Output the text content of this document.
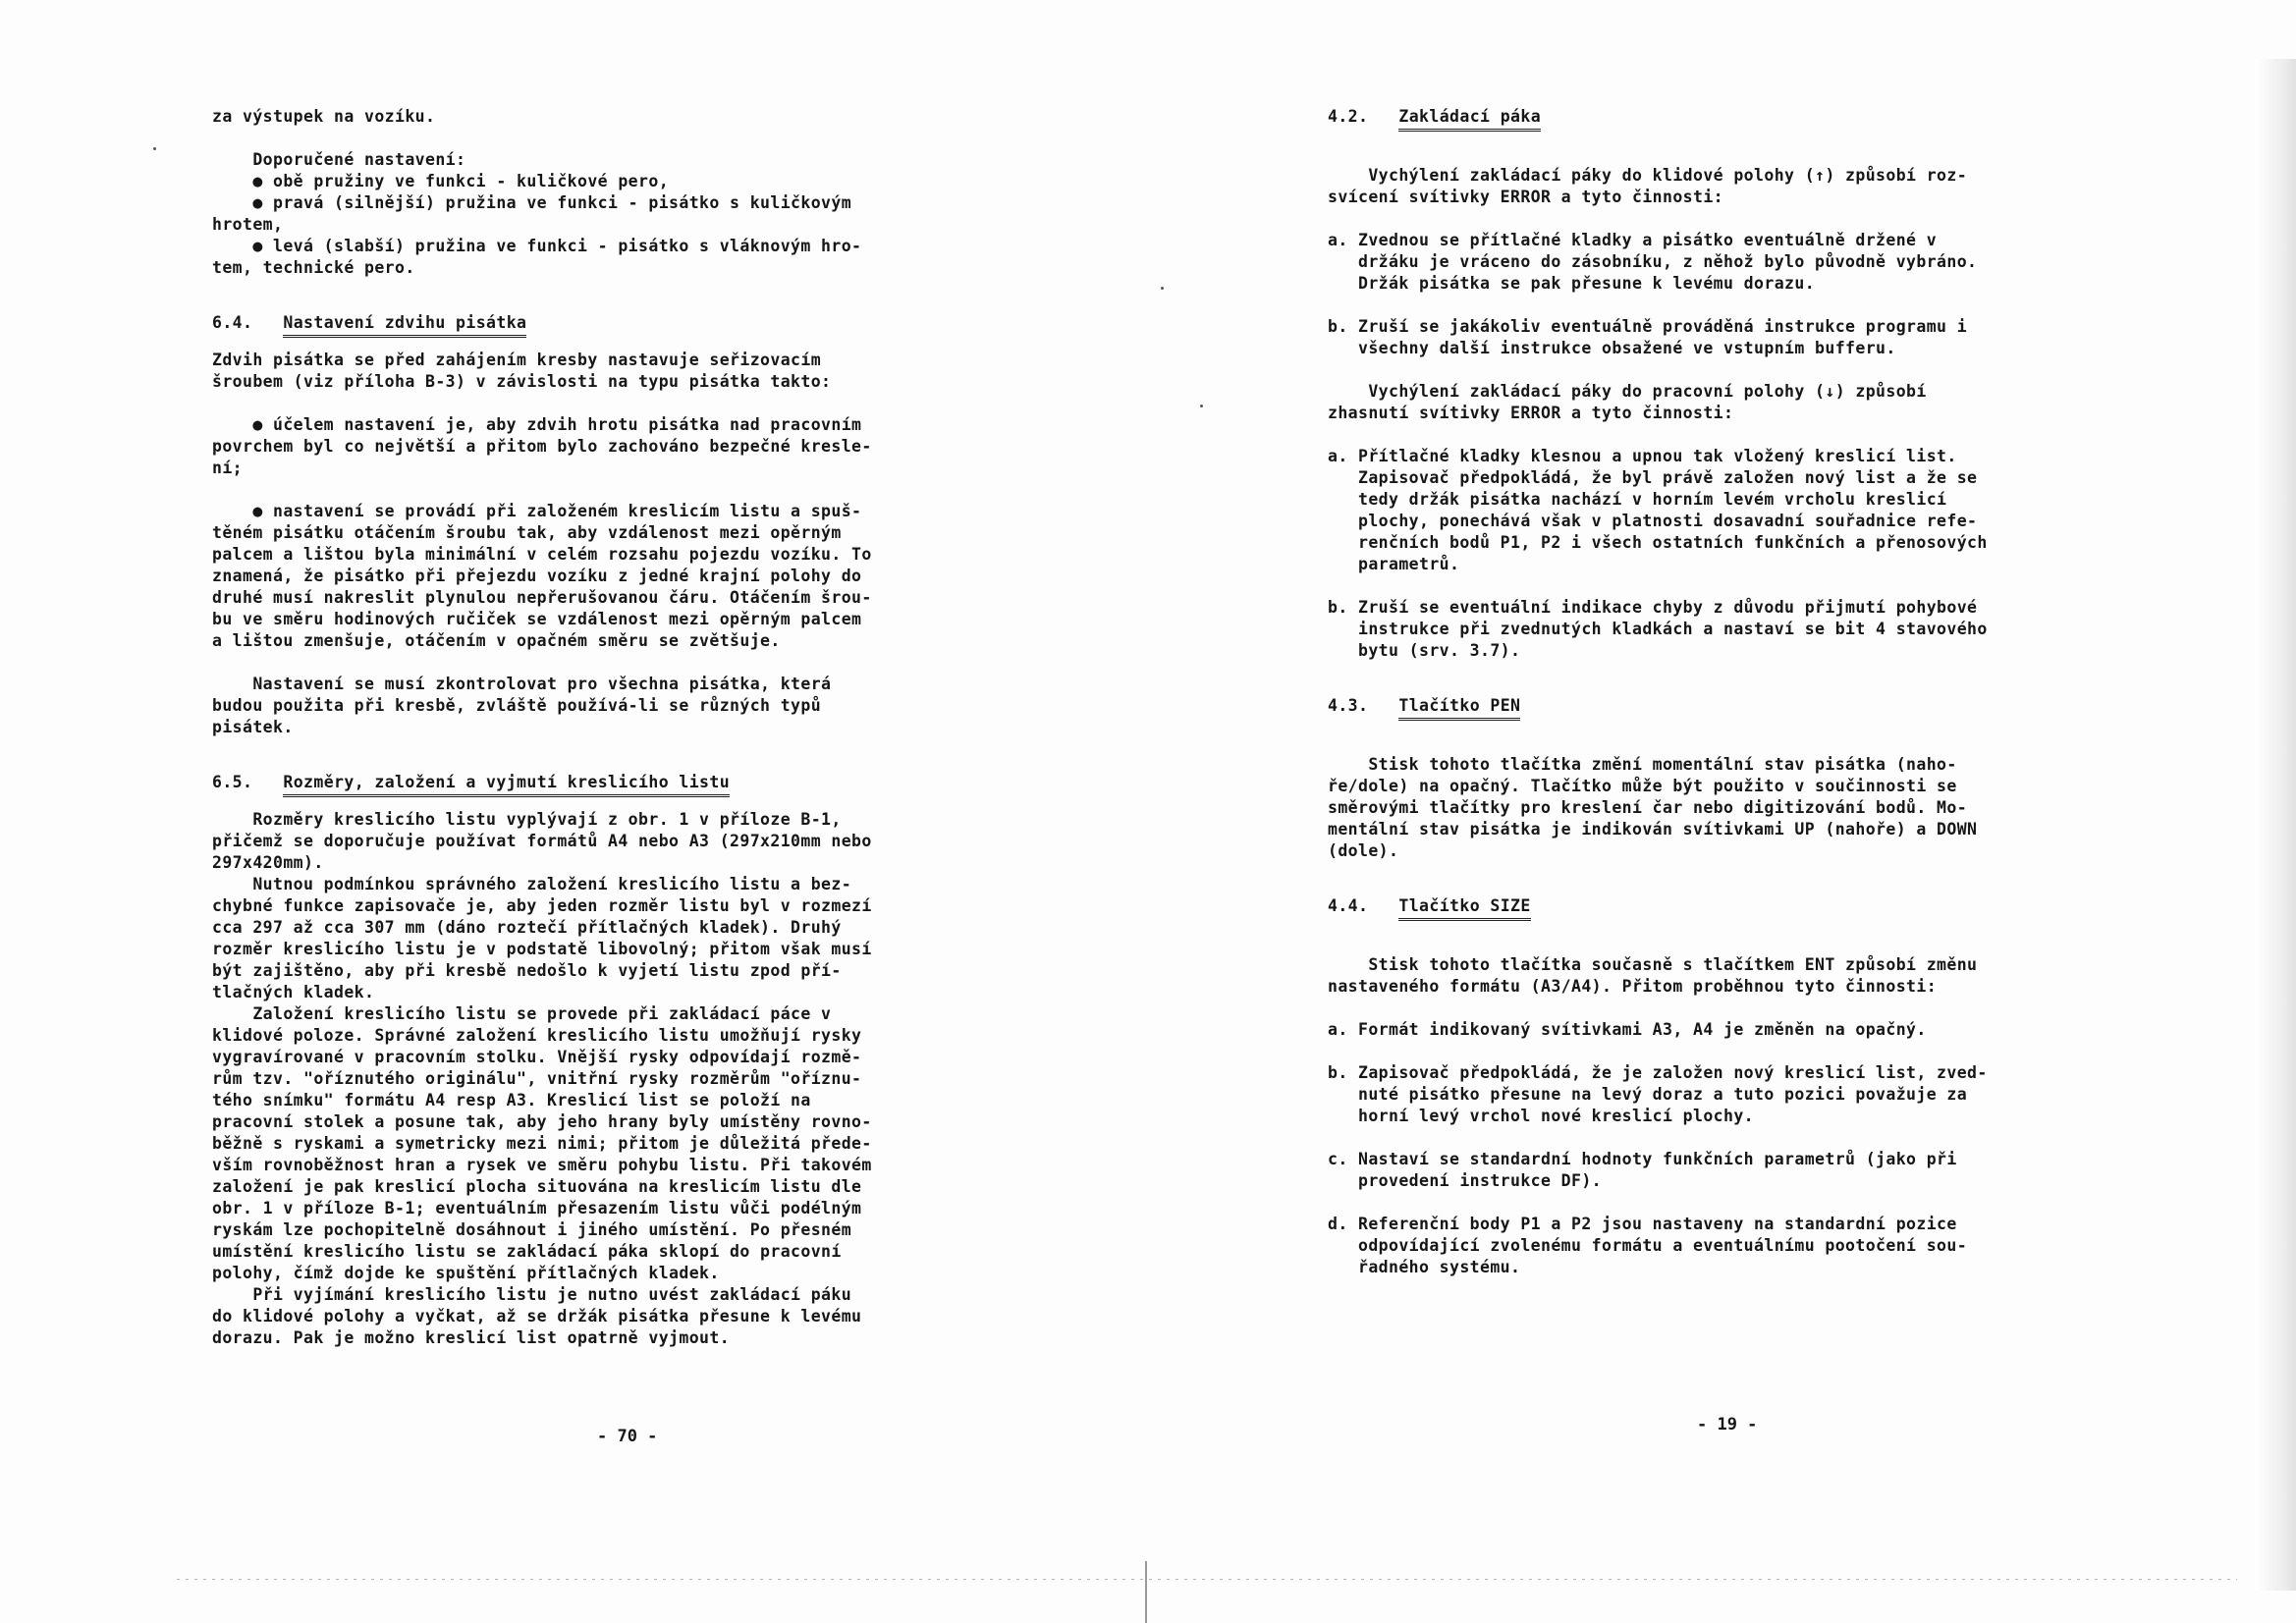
za výstupek na vozíku.

Doporučené nastavení:

● obě pružiny ve funkci - kuličkové pero,

● pravá (silnější) pružina ve funkci - pisátko s kuličkovým

hrotem,

● levá (slabší) pružina ve funkci - pisátko s vláknovým hro-

tem, technické pero.

6.4. Nastavení zdvihu pisátka

Zdvih pisátka se před zahájením kresby nastavuje seřizovacím

šroubem (viz příloha B-3) v závislosti na typu pisátka takto:

● účelem nastavení je, aby zdvih hrotu pisátka nad pracovním

povrchem byl co největší a přitom bylo zachováno bezpečné kresle-

ní;

● nastavení se provádí při založeném kreslicím listu a spuš-

těném pisátku otáčením šroubu tak, aby vzdálenost mezi opěrným

palcem a lištou byla minimální v celém rozsahu pojezdu vozíku. To

znamená, že pisátko při přejezdu vozíku z jedné krajní polohy do

druhé musí nakreslit plynulou nepřerušovanou čáru. Otáčením šrou-

bu ve směru hodinových ručiček se vzdálenost mezi opěrným palcem

a lištou zmenšuje, otáčením v opačném směru se zvětšuje.

Nastavení se musí zkontrolovat pro všechna pisátka, která

budou použita při kresbě, zvláště používá-li se různých typů

pisátek.

6.5. Rozměry, založení a vyjmutí kreslicího listu

Rozměry kreslicího listu vyplývají z obr. 1 v příloze B-1,

přičemž se doporučuje používat formátů A4 nebo A3 (297x210mm nebo

297x420mm).

Nutnou podmínkou správného založení kreslicího listu a bez-

chybné funkce zapisovače je, aby jeden rozměr listu byl v rozmezí

cca 297 až cca 307 mm (dáno roztečí přítlačných kladek). Druhý

rozměr kreslicího listu je v podstatě libovolný; přitom však musí

být zajištěno, aby při kresbě nedošlo k vyjetí listu zpod pří-

tlačných kladek.

Založení kreslicího listu se provede při zakládací páce v

klidové poloze. Správné založení kreslicího listu umožňují rysky

vygravírované v pracovním stolku. Vnější rysky odpovídají rozmě-

rům tzv. "oříznutého originálu", vnitřní rysky rozměrům "oříznu-

tého snímku" formátu A4 resp A3. Kreslicí list se položí na

pracovní stolek a posune tak, aby jeho hrany byly umístěny rovno-

běžně s ryskami a symetricky mezi nimi; přitom je důležitá přede-

vším rovnoběžnost hran a rysek ve směru pohybu listu. Při takovém

založení je pak kreslicí plocha situována na kreslicím listu dle

obr. 1 v příloze B-1; eventuálním přesazením listu vůči podélným

ryskám lze pochopitelně dosáhnout i jiného umístění. Po přesném

umístění kreslicího listu se zakládací páka sklopí do pracovní

polohy, čímž dojde ke spuštění přítlačných kladek.

Při vyjímání kreslicího listu je nutno uvést zakládací páku

do klidové polohy a vyčkat, až se držák pisátka přesune k levému

dorazu. Pak je možno kreslicí list opatrně vyjmout.

- 70 -

4.2. Zakládací páka

Vychýlení zakládací páky do klidové polohy (↑) způsobí roz-

svícení svítivky ERROR a tyto činnosti:

a. Zvednou se přítlačné kladky a pisátko eventuálně držené v

držáku je vráceno do zásobníku, z něhož bylo původně vybráno.

Držák pisátka se pak přesune k levému dorazu.

b. Zruší se jakákoliv eventuálně prováděná instrukce programu i

všechny další instrukce obsažené ve vstupním bufferu.

Vychýlení zakládací páky do pracovní polohy (↓) způsobí

zhasnutí svítivky ERROR a tyto činnosti:

a. Přítlačné kladky klesnou a upnou tak vložený kreslicí list.

Zapisovač předpokládá, že byl právě založen nový list a že se

tedy držák pisátka nachází v horním levém vrcholu kreslicí

plochy, ponechává však v platnosti dosavadní souřadnice refe-

renčních bodů P1, P2 i všech ostatních funkčních a přenosových

parametrů.

b. Zruší se eventuální indikace chyby z důvodu přijmutí pohybové

instrukce při zvednutých kladkách a nastaví se bit 4 stavového

bytu (srv. 3.7).

4.3. Tlačítko PEN

Stisk tohoto tlačítka změní momentální stav pisátka (naho-

ře/dole) na opačný. Tlačítko může být použito v součinnosti se

směrovými tlačítky pro kreslení čar nebo digitizování bodů. Mo-

mentální stav pisátka je indikován svítivkami UP (nahoře) a DOWN

(dole).

4.4. Tlačítko SIZE

Stisk tohoto tlačítka současně s tlačítkem ENT způsobí změnu

nastaveného formátu (A3/A4). Přitom proběhnou tyto činnosti:

a. Formát indikovaný svítivkami A3, A4 je změněn na opačný.

b. Zapisovač předpokládá, že je založen nový kreslicí list, zved-

nuté pisátko přesune na levý doraz a tuto pozici považuje za

horní levý vrchol nové kreslicí plochy.

c. Nastaví se standardní hodnoty funkčních parametrů (jako při

provedení instrukce DF).

d. Referenční body P1 a P2 jsou nastaveny na standardní pozice

odpovídající zvolenému formátu a eventuálnímu pootočení sou-

řadného systému.

- 19 -
